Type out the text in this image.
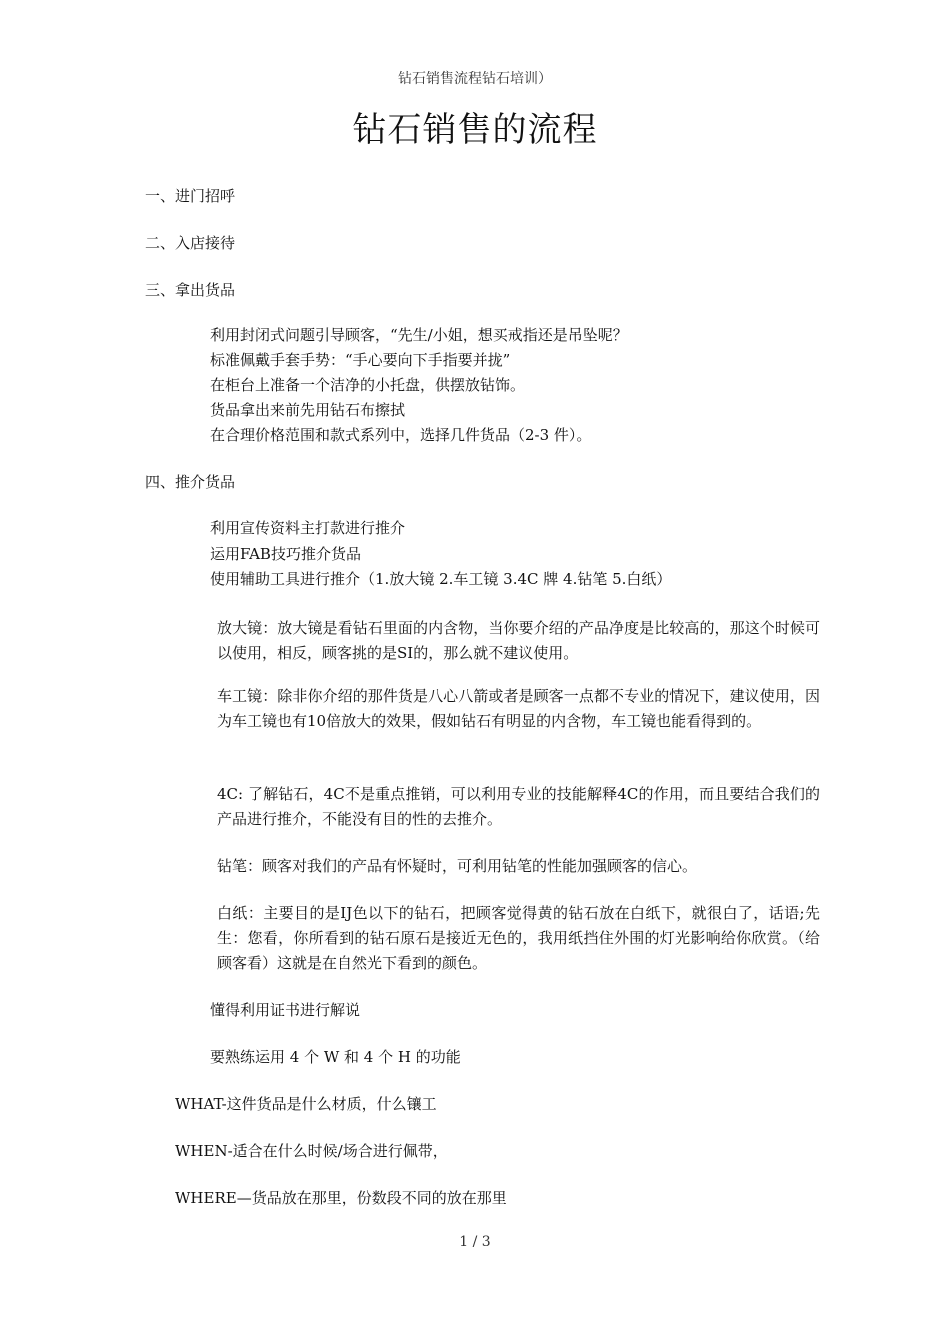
钻石销售流程钻石培训）
钻石销售的流程
一、进门招呼
二、入店接待
三、拿出货品
利用封闭式问题引导顾客，“先生/小姐，想买戒指还是吊坠呢？
标准佩戴手套手势：“手心要向下手指要并拢”
在柜台上准备一个洁净的小托盘，供摆放钻饰。
货品拿出来前先用钻石布擦拭
在合理价格范围和款式系列中，选择几件货品（2-3 件）。
四、推介货品
利用宣传资料主打款进行推介
运用FAB技巧推介货品
使用辅助工具进行推介（1.放大镜 2.车工镜 3.4C 牌 4.钻笔 5.白纸）
放大镜：放大镜是看钻石里面的内含物，当你要介绍的产品净度是比较高的，那这个时候可以使用，相反，顾客挑的是SI的，那么就不建议使用。
车工镜：除非你介绍的那件货是八心八箭或者是顾客一点都不专业的情况下，建议使用，因为车工镜也有10倍放大的效果，假如钻石有明显的内含物，车工镜也能看得到的。
4C: 了解钻石，4C不是重点推销，可以利用专业的技能解释4C的作用，而且要结合我们的产品进行推介，不能没有目的性的去推介。
钻笔：顾客对我们的产品有怀疑时，可利用钻笔的性能加强顾客的信心。
白纸：主要目的是IJ色以下的钻石，把顾客觉得黄的钻石放在白纸下，就很白了，话语;先生：您看，你所看到的钻石原石是接近无色的，我用纸挡住外围的灯光影响给你欣赏。（给顾客看）这就是在自然光下看到的颜色。
懂得利用证书进行解说
要熟练运用 4 个 W 和 4 个 H 的功能
WHAT-这件货品是什么材质，什么镶工
WHEN-适合在什么时候/场合进行佩带，
WHERE—货品放在那里，份数段不同的放在那里
1 / 3
